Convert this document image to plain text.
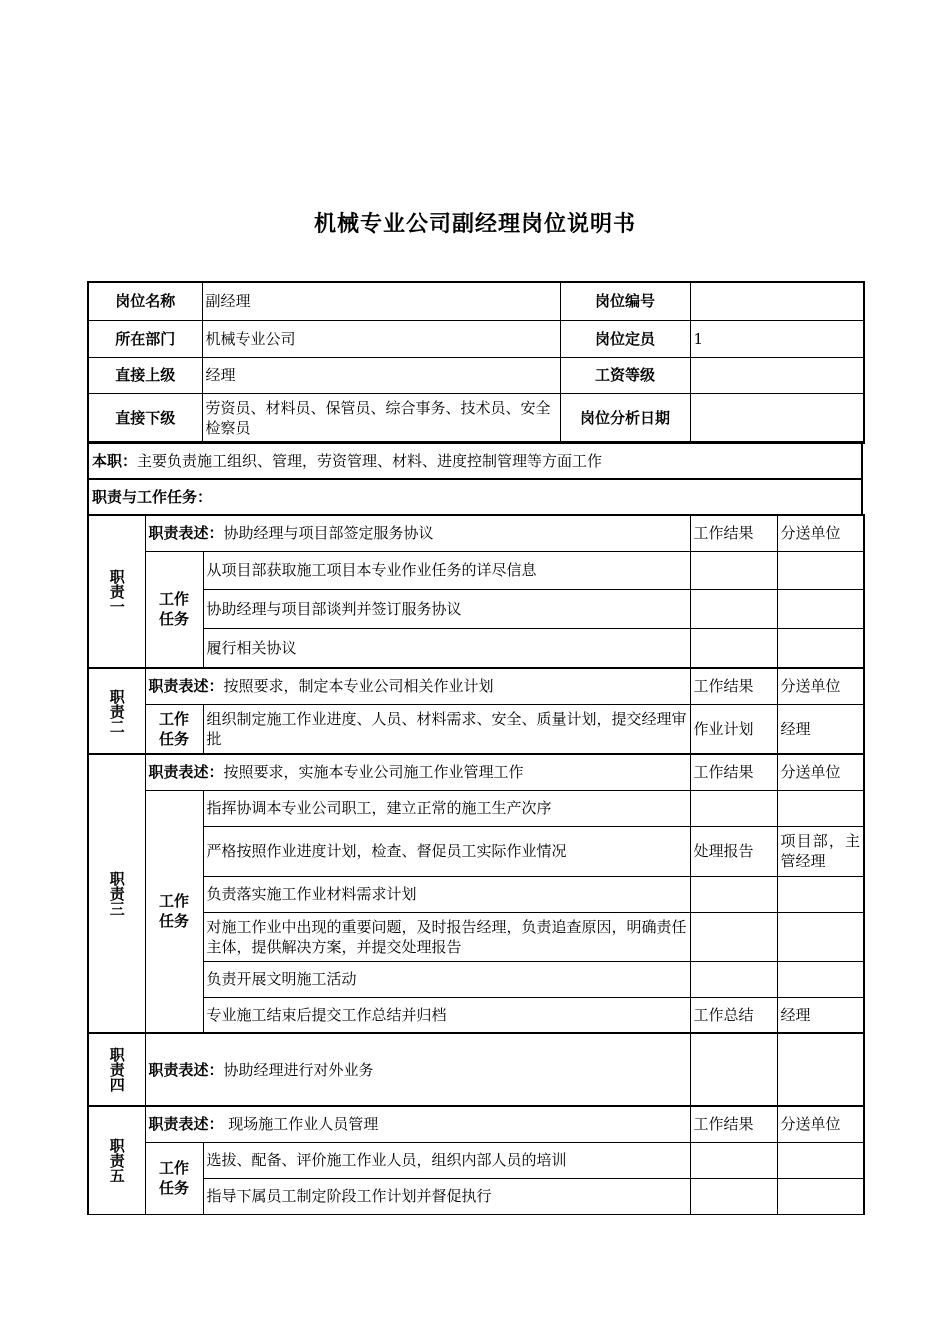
机械专业公司副经理岗位说明书
岗位名称	副经理	岗位编号	
所在部门	机械专业公司	岗位定员	1
直接上级	经理	工资等级	
直接下级	劳资员、材料员、保管员、综合事务、技术员、安全检察员	岗位分析日期	
本职：主要负责施工组织、管理，劳资管理、材料、进度控制管理等方面工作
职责与工作任务：
职责一	职责表述：协助经理与项目部签定服务协议		工作结果	分送单位
	工作任务	从项目部获取施工项目本专业作业任务的详尽信息		
		协助经理与项目部谈判并签订服务协议		
		履行相关协议		
职责二	职责表述：按照要求，制定本专业公司相关作业计划		工作结果	分送单位
	工作任务	组织制定施工作业进度、人员、材料需求、安全、质量计划，提交经理审批	作业计划	经理
职责三	职责表述：按照要求，实施本专业公司施工作业管理工作		工作结果	分送单位
	工作任务	指挥协调本专业公司职工，建立正常的施工生产次序		
		严格按照作业进度计划，检查、督促员工实际作业情况	处理报告	项目部，主管经理
		负责落实施工作业材料需求计划		
		对施工作业中出现的重要问题，及时报告经理，负责追查原因，明确责任主体，提供解决方案，并提交处理报告		
		负责开展文明施工活动		
		专业施工结束后提交工作总结并归档	工作总结	经理
职责四	职责表述：协助经理进行对外业务			
职责五	职责表述： 现场施工作业人员管理		工作结果	分送单位
	工作任务	选拔、配备、评价施工作业人员，组织内部人员的培训		
		指导下属员工制定阶段工作计划并督促执行		
